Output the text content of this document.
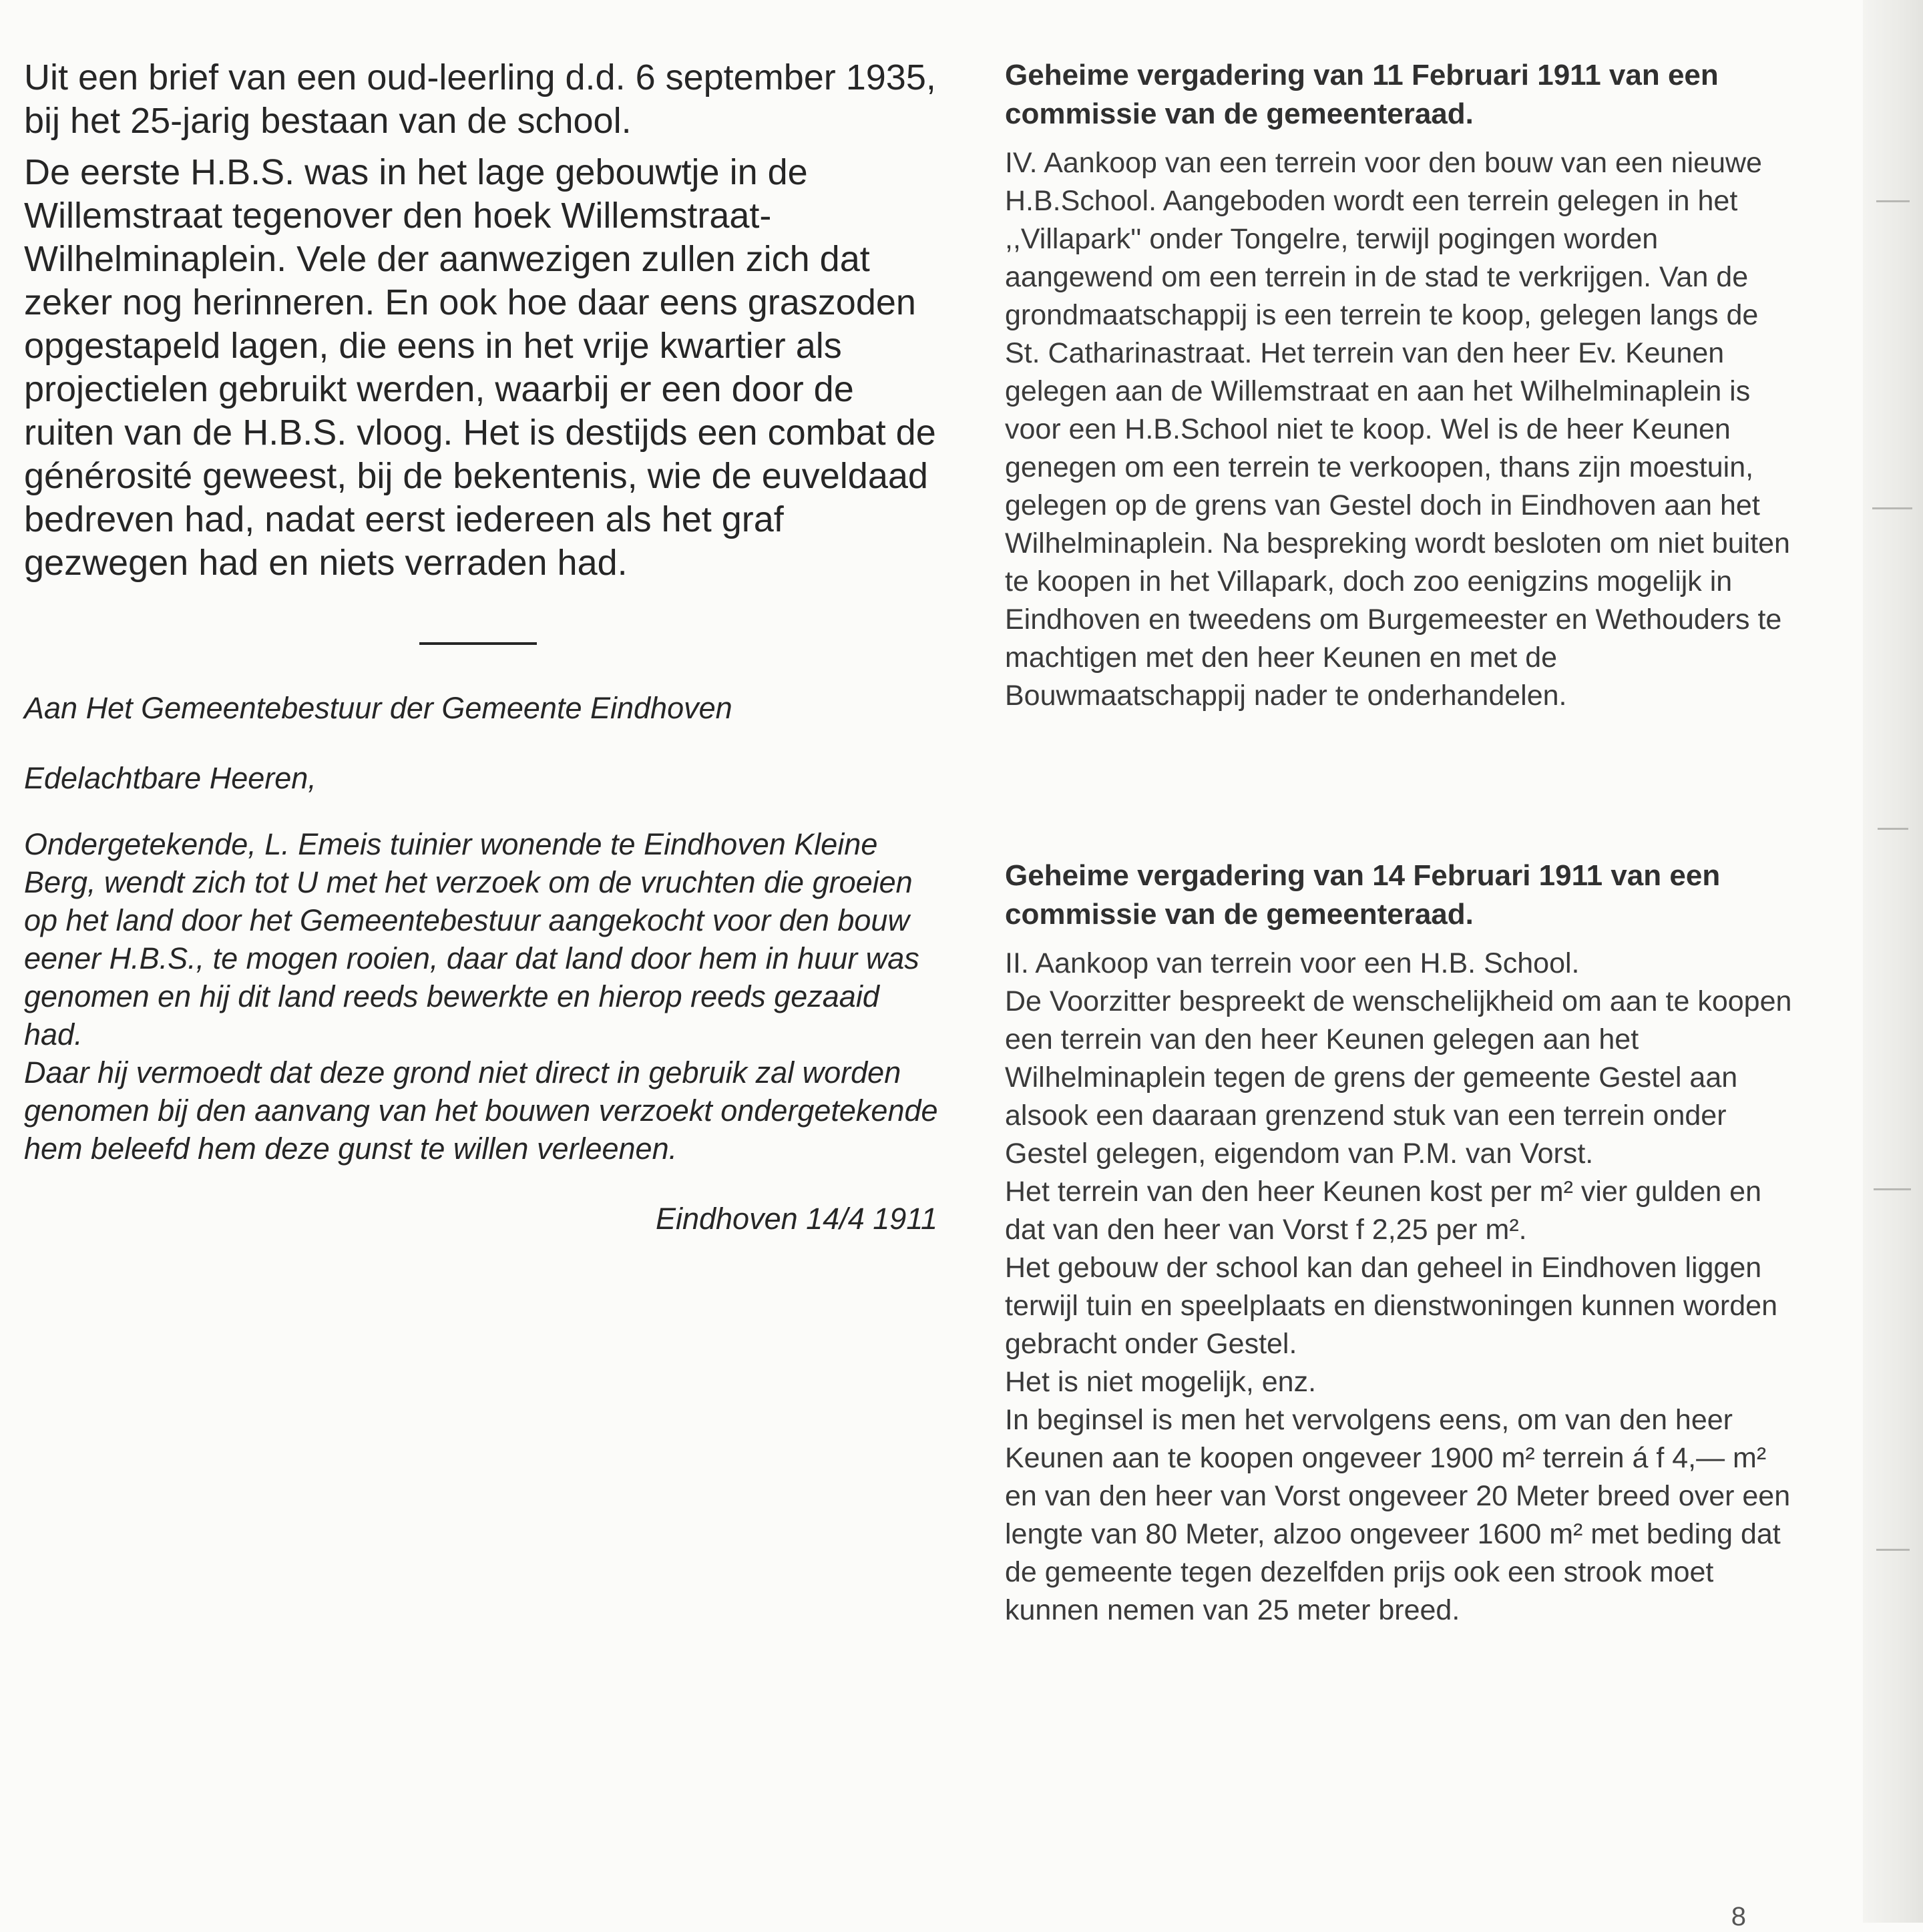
Uit een brief van een oud-leerling d.d. 6 september 1935, bij het 25-jarig bestaan van de school.

De eerste H.B.S. was in het lage gebouwtje in de Willemstraat tegenover den hoek Willemstraat-Wilhelminaplein. Vele der aanwezigen zullen zich dat zeker nog herinneren. En ook hoe daar eens graszoden opgestapeld lagen, die eens in het vrije kwartier als projectielen gebruikt werden, waarbij er een door de ruiten van de H.B.S. vloog. Het is destijds een combat de générosité geweest, bij de bekentenis, wie de euveldaad bedreven had, nadat eerst iedereen als het graf gezwegen had en niets verraden had.

Aan Het Gemeentebestuur der Gemeente Eindhoven

Edelachtbare Heeren,

Ondergetekende, L. Emeis tuinier wonende te Eindhoven Kleine Berg, wendt zich tot U met het verzoek om de vruchten die groeien op het land door het Gemeentebestuur aangekocht voor den bouw eener H.B.S., te mogen rooien, daar dat land door hem in huur was genomen en hij dit land reeds bewerkte en hierop reeds gezaaid had.

Daar hij vermoedt dat deze grond niet direct in gebruik zal worden genomen bij den aanvang van het bouwen verzoekt ondergetekende hem beleefd hem deze gunst te willen verleenen.

Eindhoven 14/4 1911

Geheime vergadering van 11 Februari 1911 van een commissie van de gemeenteraad.

IV. Aankoop van een terrein voor den bouw van een nieuwe H.B.School. Aangeboden wordt een terrein gelegen in het ,,Villapark'' onder Tongelre, terwijl pogingen worden aangewend om een terrein in de stad te verkrijgen. Van de grondmaatschappij is een terrein te koop, gelegen langs de St. Catharinastraat. Het terrein van den heer Ev. Keunen gelegen aan de Willemstraat en aan het Wilhelminaplein is voor een H.B.School niet te koop. Wel is de heer Keunen genegen om een terrein te verkoopen, thans zijn moestuin, gelegen op de grens van Gestel doch in Eindhoven aan het Wilhelminaplein. Na bespreking wordt besloten om niet buiten te koopen in het Villapark, doch zoo eenigzins mogelijk in Eindhoven en tweedens om Burgemeester en Wethouders te machtigen met den heer Keunen en met de Bouwmaatschappij nader te onderhandelen.

Geheime vergadering van 14 Februari 1911 van een commissie van de gemeenteraad.

II. Aankoop van terrein voor een H.B. School.

De Voorzitter bespreekt de wenschelijkheid om aan te koopen een terrein van den heer Keunen gelegen aan het Wilhelminaplein tegen de grens der gemeente Gestel aan alsook een daaraan grenzend stuk van een terrein onder Gestel gelegen, eigendom van P.M. van Vorst.

Het terrein van den heer Keunen kost per m² vier gulden en dat van den heer van Vorst f 2,25 per m².

Het gebouw der school kan dan geheel in Eindhoven liggen terwijl tuin en speelplaats en dienstwoningen kunnen worden gebracht onder Gestel.

Het is niet mogelijk, enz.

In beginsel is men het vervolgens eens, om van den heer Keunen aan te koopen ongeveer 1900 m² terrein á f 4,— m² en van den heer van Vorst ongeveer 20 Meter breed over een lengte van 80 Meter, alzoo ongeveer 1600 m² met beding dat de gemeente tegen dezelfden prijs ook een strook moet kunnen nemen van 25 meter breed.

8
